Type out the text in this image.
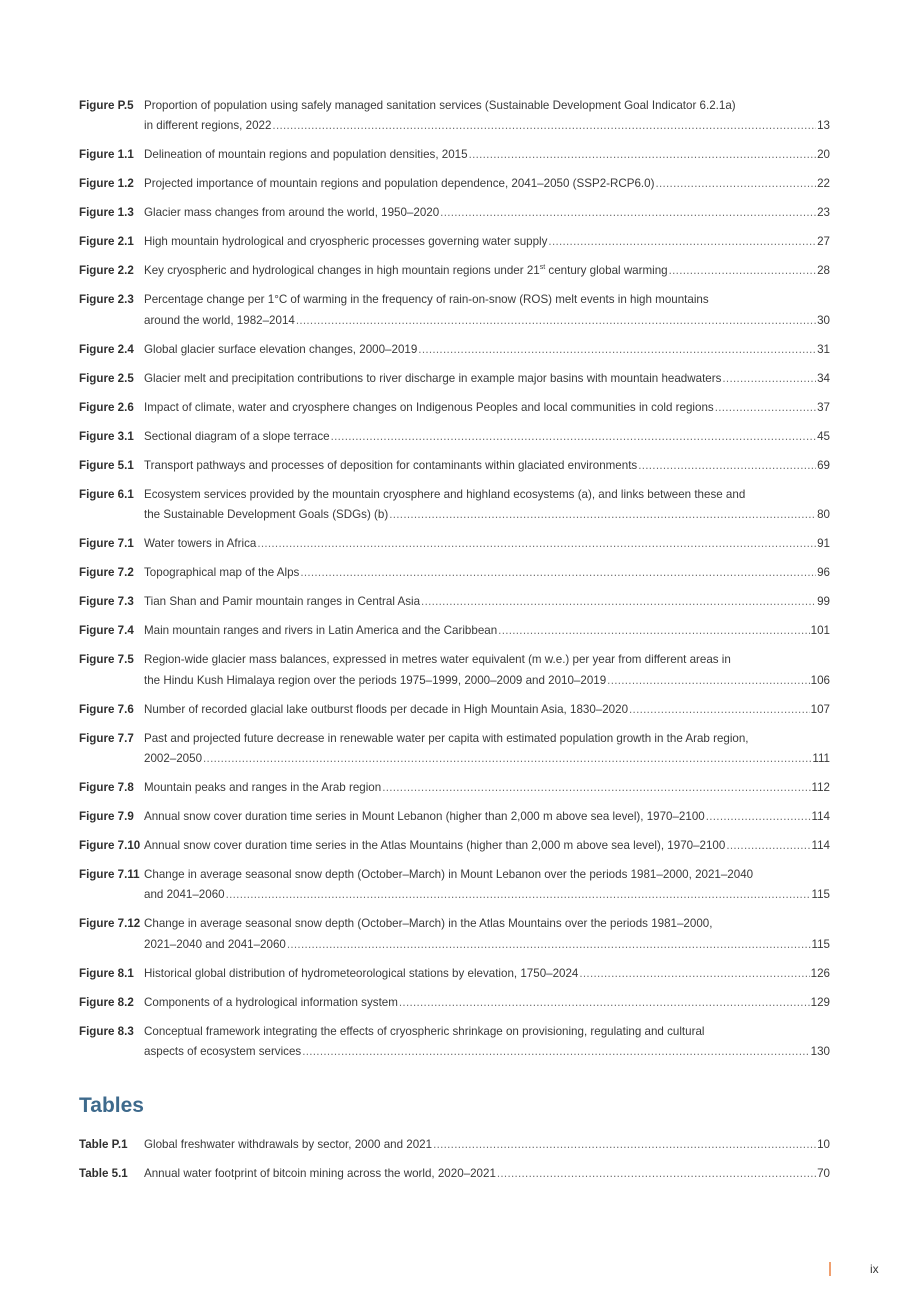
Figure P.5 Proportion of population using safely managed sanitation services (Sustainable Development Goal Indicator 6.2.1a)
in different regions, 2022 .....	13
Figure 1.1 Delineation of mountain regions and population densities, 2015 .....	20
Figure 1.2 Projected importance of mountain regions and population dependence, 2041–2050 (SSP2-RCP6.0) .....	22
Figure 1.3 Glacier mass changes from around the world, 1950–2020 .....	23
Figure 2.1 High mountain hydrological and cryospheric processes governing water supply .....	27
Figure 2.2 Key cryospheric and hydrological changes in high mountain regions under 21st century global warming .....	28
Figure 2.3 Percentage change per 1°C of warming in the frequency of rain-on-snow (ROS) melt events in high mountains
around the world, 1982–2014 .....	30
Figure 2.4 Global glacier surface elevation changes, 2000–2019 .....	31
Figure 2.5 Glacier melt and precipitation contributions to river discharge in example major basins with mountain headwaters .....	34
Figure 2.6 Impact of climate, water and cryosphere changes on Indigenous Peoples and local communities in cold regions .....	37
Figure 3.1 Sectional diagram of a slope terrace .....	45
Figure 5.1 Transport pathways and processes of deposition for contaminants within glaciated environments .....	69
Figure 6.1 Ecosystem services provided by the mountain cryosphere and highland ecosystems (a), and links between these and
the Sustainable Development Goals (SDGs) (b) .....	80
Figure 7.1 Water towers in Africa .....	91
Figure 7.2 Topographical map of the Alps .....	96
Figure 7.3 Tian Shan and Pamir mountain ranges in Central Asia .....	99
Figure 7.4 Main mountain ranges and rivers in Latin America and the Caribbean .....	101
Figure 7.5 Region-wide glacier mass balances, expressed in metres water equivalent (m w.e.) per year from different areas in
the Hindu Kush Himalaya region over the periods 1975–1999, 2000–2009 and 2010–2019 .....	106
Figure 7.6 Number of recorded glacial lake outburst floods per decade in High Mountain Asia, 1830–2020 .....	107
Figure 7.7 Past and projected future decrease in renewable water per capita with estimated population growth in the Arab region,
2002–2050 .....	111
Figure 7.8 Mountain peaks and ranges in the Arab region .....	112
Figure 7.9 Annual snow cover duration time series in Mount Lebanon (higher than 2,000 m above sea level), 1970–2100 .....	114
Figure 7.10 Annual snow cover duration time series in the Atlas Mountains (higher than 2,000 m above sea level), 1970–2100 .....	114
Figure 7.11 Change in average seasonal snow depth (October–March) in Mount Lebanon over the periods 1981–2000, 2021–2040
and 2041–2060 .....	115
Figure 7.12 Change in average seasonal snow depth (October–March) in the Atlas Mountains over the periods 1981–2000,
2021–2040 and 2041–2060 .....	115
Figure 8.1 Historical global distribution of hydrometeorological stations by elevation, 1750–2024 .....	126
Figure 8.2 Components of a hydrological information system .....	129
Figure 8.3 Conceptual framework integrating the effects of cryospheric shrinkage on provisioning, regulating and cultural
aspects of ecosystem services .....	130
Tables
Table P.1	Global freshwater withdrawals by sector, 2000 and 2021 .....	10
Table 5.1	Annual water footprint of bitcoin mining across the world, 2020–2021 .....	70
ix
